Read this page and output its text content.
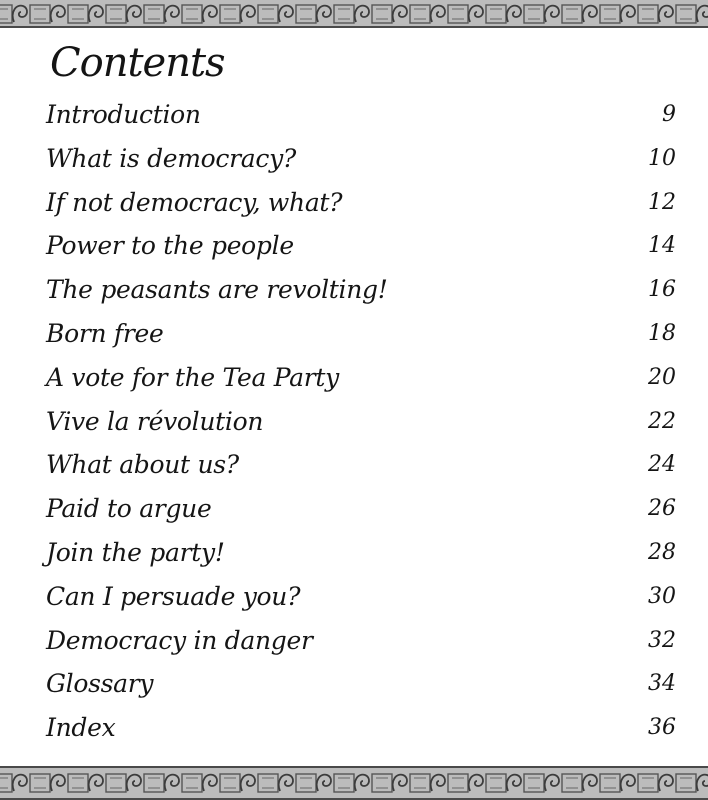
Contents
Introduction	9
What is democracy?	10
If not democracy, what?	12
Power to the people	14
The peasants are revolting!	16
Born free	18
A vote for the Tea Party	20
Vive la révolution	22
What about us?	24
Paid to argue	26
Join the party!	28
Can I persuade you?	30
Democracy in danger	32
Glossary	34
Index	36
